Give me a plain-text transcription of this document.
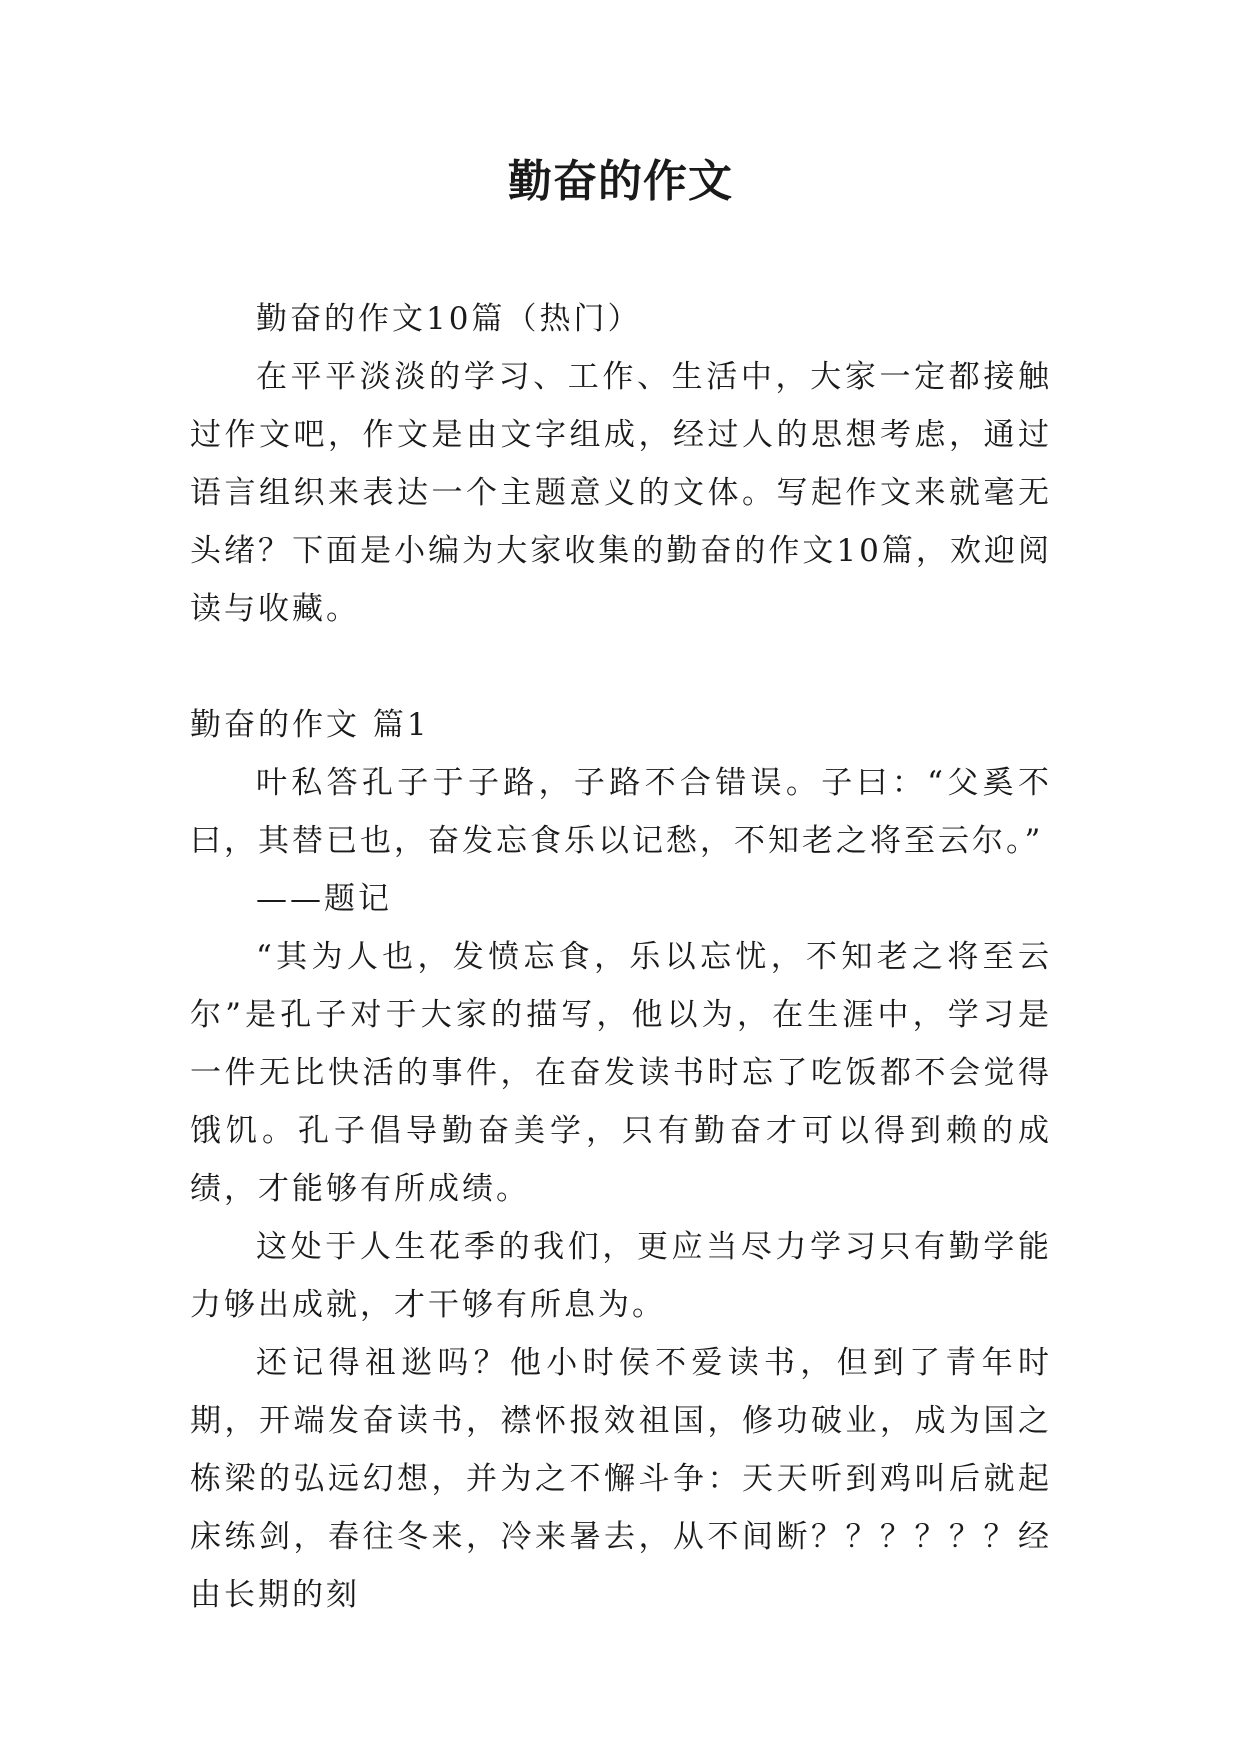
勤奋的作文

勤奋的作文10篇（热门）

在平平淡淡的学习、工作、生活中，大家一定都接触过作文吧，作文是由文字组成，经过人的思想考虑，通过语言组织来表达一个主题意义的文体。写起作文来就毫无头绪？下面是小编为大家收集的勤奋的作文10篇，欢迎阅读与收藏。

勤奋的作文 篇1

叶私答孔子于子路，子路不合错误。子曰：“父奚不曰，其替已也，奋发忘食乐以记愁，不知老之将至云尔。”

——题记

“其为人也，发愤忘食，乐以忘忧，不知老之将至云尔”是孔子对于大家的描写，他以为，在生涯中，学习是一件无比快活的事件，在奋发读书时忘了吃饭都不会觉得饿饥。孔子倡导勤奋美学，只有勤奋才可以得到赖的成绩，才能够有所成绩。

这处于人生花季的我们，更应当尽力学习只有勤学能力够出成就，才干够有所息为。

还记得祖逖吗？他小时侯不爱读书，但到了青年时期，开端发奋读书，襟怀报效祖国，修功破业，成为国之栋梁的弘远幻想，并为之不懈斗争：天天听到鸡叫后就起床练剑，春往冬来，冷来暑去，从不间断？？？？？？经由长期的刻
